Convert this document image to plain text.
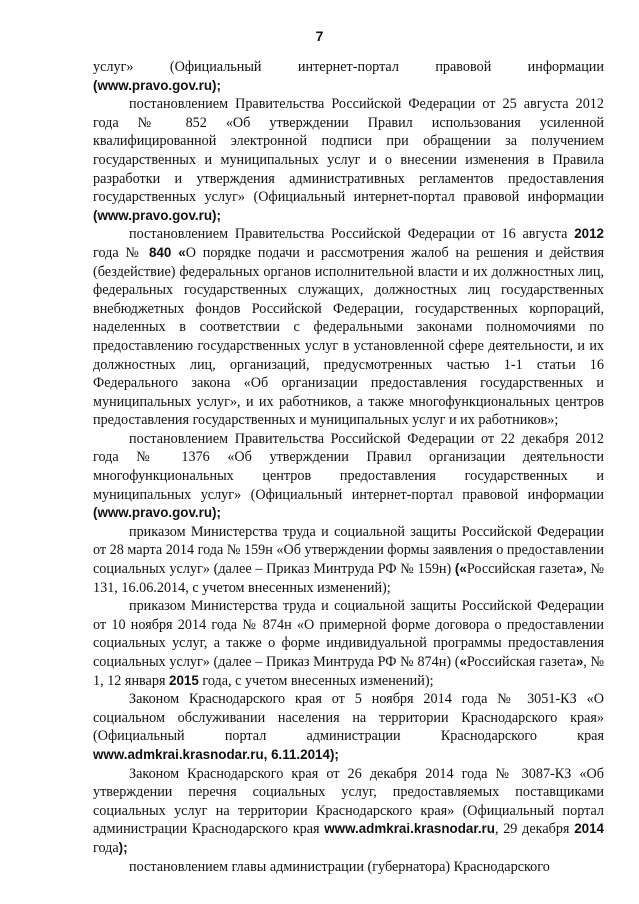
7

услуг» (Официальный интернет-портал правовой информации (www.pravo.gov.ru);

постановлением Правительства Российской Федерации от 25 августа 2012 года № 852 «Об утверждении Правил использования усиленной квалифицированной электронной подписи при обращении за получением государственных и муниципальных услуг и о внесении изменения в Правила разработки и утверждения административных регламентов предоставления государственных услуг» (Официальный интернет-портал правовой информации (www.pravo.gov.ru);

постановлением Правительства Российской Федерации от 16 августа 2012 года № 840 «О порядке подачи и рассмотрения жалоб на решения и действия (бездействие) федеральных органов исполнительной власти и их должностных лиц, федеральных государственных служащих, должностных лиц государственных внебюджетных фондов Российской Федерации, государственных корпораций, наделенных в соответствии с федеральными законами полномочиями по предоставлению государственных услуг в установленной сфере деятельности, и их должностных лиц, организаций, предусмотренных частью 1-1 статьи 16 Федерального закона «Об организации предоставления государственных и муниципальных услуг», и их работников, а также многофункциональных центров предоставления государственных и муниципальных услуг и их работников»;

постановлением Правительства Российской Федерации от 22 декабря 2012 года № 1376 «Об утверждении Правил организации деятельности многофункциональных центров предоставления государственных и муниципальных услуг» (Официальный интернет-портал правовой информации (www.pravo.gov.ru);

приказом Министерства труда и социальной защиты Российской Федерации от 28 марта 2014 года № 159н «Об утверждении формы заявления о предоставлении социальных услуг» (далее – Приказ Минтруда РФ № 159н) («Российская газета», № 131, 16.06.2014, с учетом внесенных изменений);

приказом Министерства труда и социальной защиты Российской Федерации от 10 ноября 2014 года № 874н «О примерной форме договора о предоставлении социальных услуг, а также о форме индивидуальной программы предоставления социальных услуг» (далее – Приказ Минтруда РФ № 874н) («Российская газета», № 1, 12 января 2015 года, с учетом внесенных изменений);

Законом Краснодарского края от 5 ноября 2014 года № 3051-КЗ «О социальном обслуживании населения на территории Краснодарского края» (Официальный портал администрации Краснодарского края www.admkrai.krasnodar.ru, 6.11.2014);

Законом Краснодарского края от 26 декабря 2014 года № 3087-КЗ «Об утверждении перечня социальных услуг, предоставляемых поставщиками социальных услуг на территории Краснодарского края» (Официальный портал администрации Краснодарского края www.admkrai.krasnodar.ru, 29 декабря 2014 года);

постановлением главы администрации (губернатора) Краснодарского
